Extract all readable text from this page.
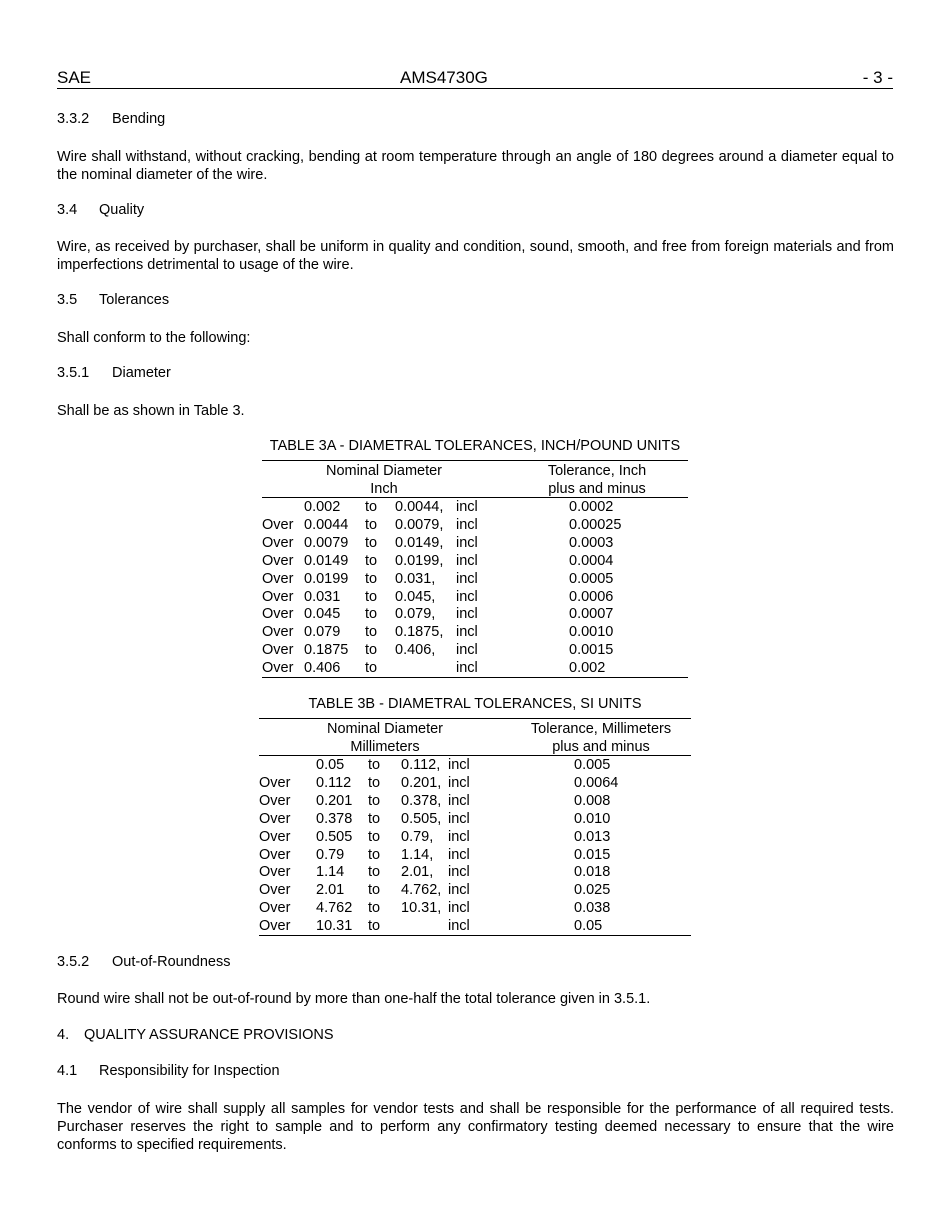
SAE	AMS4730G	- 3 -
3.3.2 Bending
Wire shall withstand, without cracking, bending at room temperature through an angle of 180 degrees around a diameter equal to the nominal diameter of the wire.
3.4 Quality
Wire, as received by purchaser, shall be uniform in quality and condition, sound, smooth, and free from foreign materials and from imperfections detrimental to usage of the wire.
3.5 Tolerances
Shall conform to the following:
3.5.1 Diameter
Shall be as shown in Table 3.
TABLE 3A - DIAMETRAL TOLERANCES, INCH/POUND UNITS
Nominal Diameter
Inch
Tolerance, Inch
plus and minus
0.002 to 0.0044, incl	0.0002
Over 0.0044 to 0.0079, incl	0.00025
Over 0.0079 to 0.0149, incl	0.0003
Over 0.0149 to 0.0199, incl	0.0004
Over 0.0199 to 0.031, incl	0.0005
Over 0.031 to 0.045, incl	0.0006
Over 0.045 to 0.079, incl	0.0007
Over 0.079 to 0.1875, incl	0.0010
Over 0.1875 to 0.406, incl	0.0015
Over 0.406 to	incl	0.002
TABLE 3B - DIAMETRAL TOLERANCES, SI UNITS
Nominal Diameter
Millimeters
Tolerance, Millimeters
plus and minus
0.05 to 0.112, incl	0.005
Over 0.112 to 0.201, incl	0.0064
Over 0.201 to 0.378, incl	0.008
Over 0.378 to 0.505, incl	0.010
Over 0.505 to 0.79, incl	0.013
Over 0.79 to 1.14, incl	0.015
Over 1.14 to 2.01, incl	0.018
Over 2.01 to 4.762, incl	0.025
Over 4.762 to 10.31, incl	0.038
Over 10.31 to	incl	0.05
3.5.2 Out-of-Roundness
Round wire shall not be out-of-round by more than one-half the total tolerance given in 3.5.1.
4. QUALITY ASSURANCE PROVISIONS
4.1 Responsibility for Inspection
The vendor of wire shall supply all samples for vendor tests and shall be responsible for the performance of all required tests. Purchaser reserves the right to sample and to perform any confirmatory testing deemed necessary to ensure that the wire conforms to specified requirements.
